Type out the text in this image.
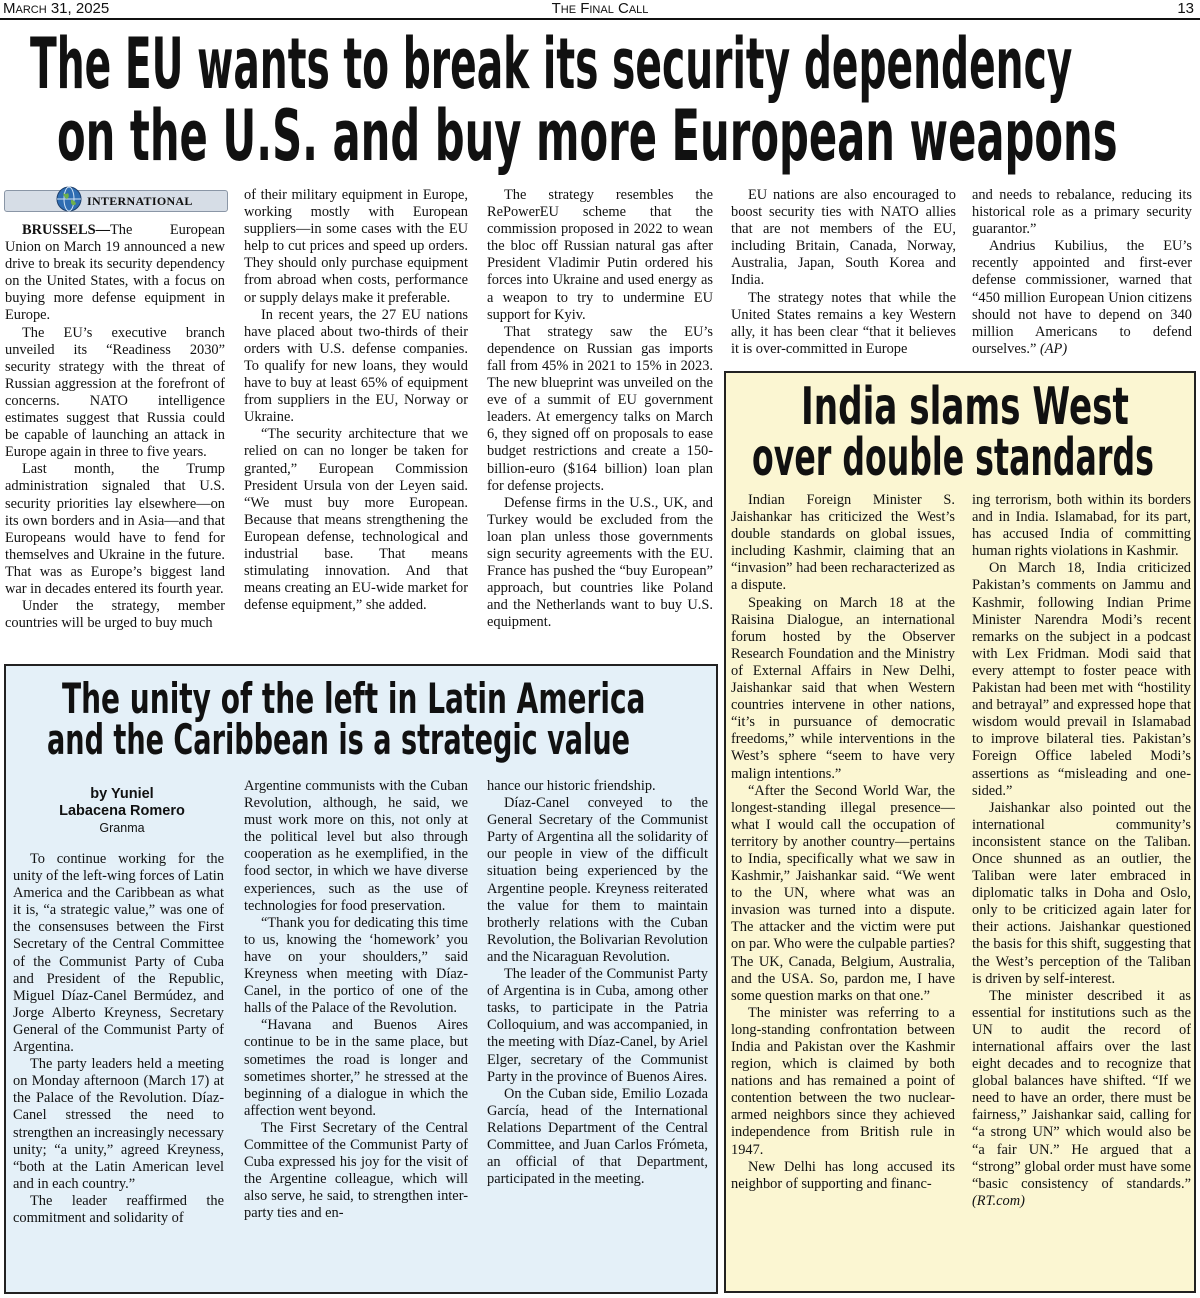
March 31, 2025	The Final Call	13
The EU wants to break its security dependency
on the U.S. and buy more European weapons
INTERNATIONAL

BRUSSELS—The European Union on March 19 announced a new drive to break its security dependency on the United States, with a focus on buying more defense equipment in Europe.

The EU’s executive branch unveiled its “Readiness 2030” security strategy with the threat of Russian aggression at the forefront of concerns. NATO intelligence estimates suggest that Russia could be capable of launching an attack in Europe again in three to five years.

Last month, the Trump administration signaled that U.S. security priorities lay elsewhere—on its own borders and in Asia—and that Europeans would have to fend for themselves and Ukraine in the future. That was as Europe’s biggest land war in decades entered its fourth year.

Under the strategy, member countries will be urged to buy much

of their military equipment in Europe, working mostly with European suppliers—in some cases with the EU help to cut prices and speed up orders. They should only purchase equipment from abroad when costs, performance or supply delays make it preferable.

In recent years, the 27 EU nations have placed about two-thirds of their orders with U.S. defense companies. To qualify for new loans, they would have to buy at least 65% of equipment from suppliers in the EU, Norway or Ukraine.

“The security architecture that we relied on can no longer be taken for granted,” European Commission President Ursula von der Leyen said. “We must buy more European. Because that means strengthening the European defense, technological and industrial base. That means stimulating innovation. And that means creating an EU-wide market for defense equipment,” she added.

The strategy resembles the RePowerEU scheme that the commission proposed in 2022 to wean the bloc off Russian natural gas after President Vladimir Putin ordered his forces into Ukraine and used energy as a weapon to try to undermine EU support for Kyiv.

That strategy saw the EU’s dependence on Russian gas imports fall from 45% in 2021 to 15% in 2023. The new blueprint was unveiled on the eve of a summit of EU government leaders. At emergency talks on March 6, they signed off on proposals to ease budget restrictions and create a 150-billion-euro ($164 billion) loan plan for defense projects.

Defense firms in the U.S., UK, and Turkey would be excluded from the loan plan unless those governments sign security agreements with the EU. France has pushed the “buy European” approach, but countries like Poland and the Netherlands want to buy U.S. equipment.

EU nations are also encouraged to boost security ties with NATO allies that are not members of the EU, including Britain, Canada, Norway, Australia, Japan, South Korea and India.

The strategy notes that while the United States remains a key Western ally, it has been clear “that it believes it is over-committed in Europe

and needs to rebalance, reducing its historical role as a primary security guarantor.”

Andrius Kubilius, the EU’s recently appointed and first-ever defense commissioner, warned that “450 million European Union citizens should not have to depend on 340 million Americans to defend ourselves.” (AP)

The unity of the left in Latin America
and the Caribbean is a strategic value
by Yuniel
Labacena Romero
Granma

To continue working for the unity of the left-wing forces of Latin America and the Caribbean as what it is, “a strategic value,” was one of the consensuses between the First Secretary of the Central Committee of the Communist Party of Cuba and President of the Republic, Miguel Díaz-Canel Bermúdez, and Jorge Alberto Kreyness, Secretary General of the Communist Party of Argentina.

The party leaders held a meeting on Monday afternoon (March 17) at the Palace of the Revolution. Díaz-Canel stressed the need to strengthen an increasingly necessary unity; “a unity,” agreed Kreyness, “both at the Latin American level and in each country.”

The leader reaffirmed the commitment and solidarity of

Argentine communists with the Cuban Revolution, although, he said, we must work more on this, not only at the political level but also through cooperation as he exemplified, in the food sector, in which we have diverse experiences, such as the use of technologies for food preservation.

“Thank you for dedicating this time to us, knowing the ‘homework’ you have on your shoulders,” said Kreyness when meeting with Díaz-Canel, in the portico of one of the halls of the Palace of the Revolution.

“Havana and Buenos Aires continue to be in the same place, but sometimes the road is longer and sometimes shorter,” he stressed at the beginning of a dialogue in which the affection went beyond.

The First Secretary of the Central Committee of the Communist Party of Cuba expressed his joy for the visit of the Argentine colleague, which will also serve, he said, to strengthen inter-party ties and en-

hance our historic friendship.

Díaz-Canel conveyed to the General Secretary of the Communist Party of Argentina all the solidarity of our people in view of the difficult situation being experienced by the Argentine people. Kreyness reiterated the value for them to maintain brotherly relations with the Cuban Revolution, the Bolivarian Revolution and the Nicaraguan Revolution.

The leader of the Communist Party of Argentina is in Cuba, among other tasks, to participate in the Patria Colloquium, and was accompanied, in the meeting with Díaz-Canel, by Ariel Elger, secretary of the Communist Party in the province of Buenos Aires.

On the Cuban side, Emilio Lozada García, head of the International Relations Department of the Central Committee, and Juan Carlos Frómeta, an official of that Department, participated in the meeting.

India slams West
over double standards

Indian Foreign Minister S. Jaishankar has criticized the West’s double standards on global issues, including Kashmir, claiming that an “invasion” had been recharacterized as a dispute.

Speaking on March 18 at the Raisina Dialogue, an international forum hosted by the Observer Research Foundation and the Ministry of External Affairs in New Delhi, Jaishankar said that when Western countries intervene in other nations, “it’s in pursuance of democratic freedoms,” while interventions in the West’s sphere “seem to have very malign intentions.”

“After the Second World War, the longest-standing illegal presence—what I would call the occupation of territory by another country—pertains to India, specifically what we saw in Kashmir,” Jaishankar said. “We went to the UN, where what was an invasion was turned into a dispute. The attacker and the victim were put on par. Who were the culpable parties? The UK, Canada, Belgium, Australia, and the USA. So, pardon me, I have some question marks on that one.”

The minister was referring to a long-standing confrontation between India and Pakistan over the Kashmir region, which is claimed by both nations and has remained a point of contention between the two nuclear-armed neighbors since they achieved independence from British rule in 1947.

New Delhi has long accused its neighbor of supporting and financ-

ing terrorism, both within its borders and in India. Islamabad, for its part, has accused India of committing human rights violations in Kashmir.

On March 18, India criticized Pakistan’s comments on Jammu and Kashmir, following Indian Prime Minister Narendra Modi’s recent remarks on the subject in a podcast with Lex Fridman. Modi said that every attempt to foster peace with Pakistan had been met with “hostility and betrayal” and expressed hope that wisdom would prevail in Islamabad to improve bilateral ties. Pakistan’s Foreign Office labeled Modi’s assertions as “misleading and one-sided.”

Jaishankar also pointed out the international community’s inconsistent stance on the Taliban. Once shunned as an outlier, the Taliban were later embraced in diplomatic talks in Doha and Oslo, only to be criticized again later for their actions. Jaishankar questioned the basis for this shift, suggesting that the West’s perception of the Taliban is driven by self-interest.

The minister described it as essential for institutions such as the UN to audit the record of international affairs over the last eight decades and to recognize that global balances have shifted. “If we need to have an order, there must be fairness,” Jaishankar said, calling for “a strong UN” which would also be “a fair UN.” He argued that a “strong” global order must have some “basic consistency of standards.” (RT.com)
